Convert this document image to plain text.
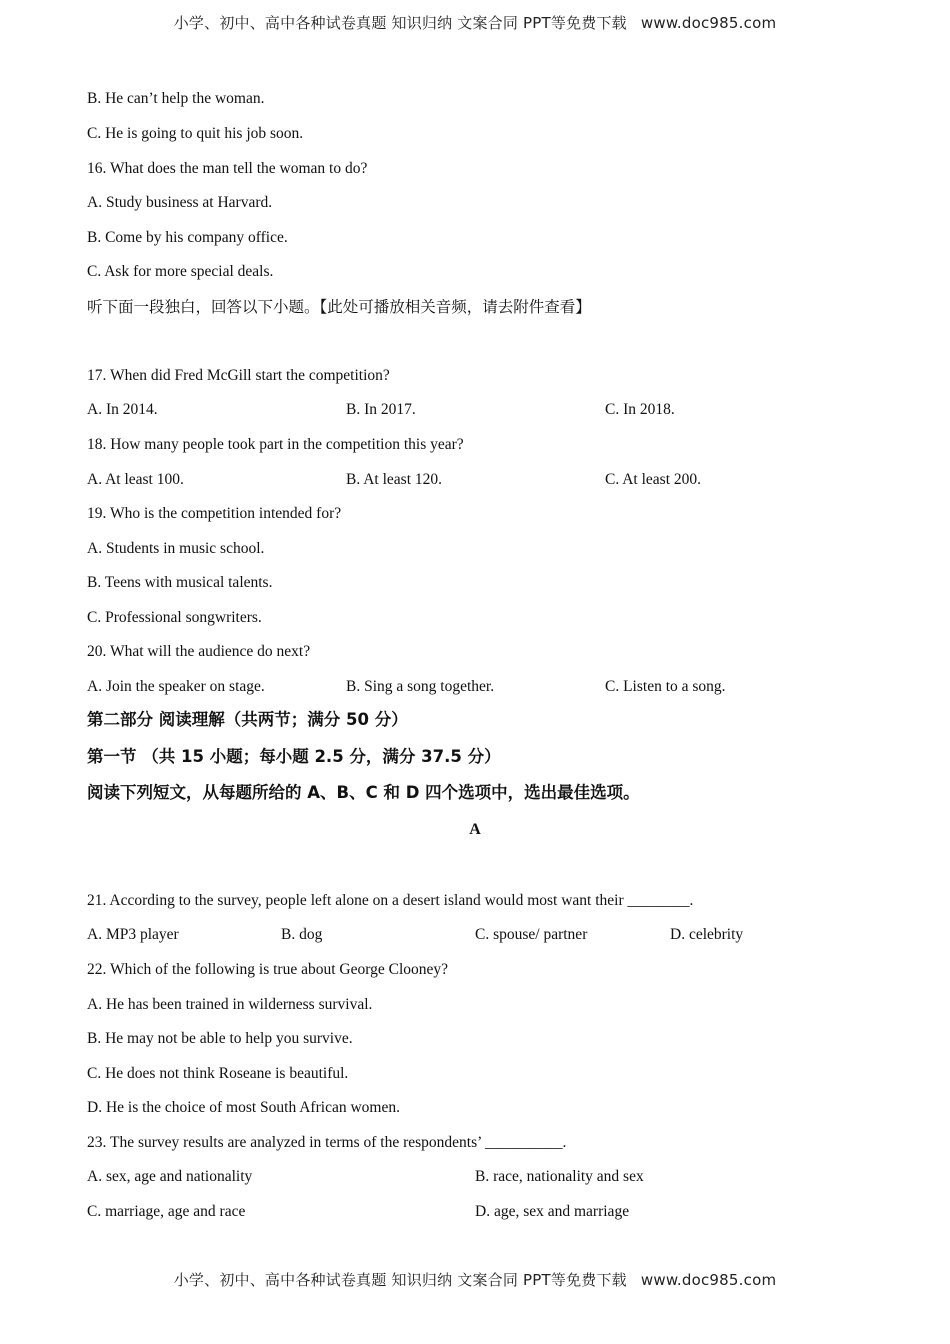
小学、初中、高中各种试卷真题 知识归纳 文案合同 PPT等免费下载 www.doc985.com
B. He can’t help the woman.
C. He is going to quit his job soon.
16. What does the man tell the woman to do?
A. Study business at Harvard.
B. Come by his company office.
C. Ask for more special deals.
听下面一段独白，回答以下小题。【此处可播放相关音频，请去附件查看】
17. When did Fred McGill start the competition?
A. In 2014.	B. In 2017.	C. In 2018.
18. How many people took part in the competition this year?
A. At least 100.	B. At least 120.	C. At least 200.
19. Who is the competition intended for?
A. Students in music school.
B. Teens with musical talents.
C. Professional songwriters.
20. What will the audience do next?
A. Join the speaker on stage.	B. Sing a song together.	C. Listen to a song.
第二部分 阅读理解（共两节；满分 50 分）
第一节 （共 15 小题；每小题 2.5 分，满分 37.5 分）
阅读下列短文，从每题所给的 A、B、C 和 D 四个选项中，选出最佳选项。
A
21. According to the survey, people left alone on a desert island would most want their ________.
A. MP3 player	B. dog	C. spouse/ partner	D. celebrity
22. Which of the following is true about George Clooney?
A. He has been trained in wilderness survival.
B. He may not be able to help you survive.
C. He does not think Roseane is beautiful.
D. He is the choice of most South African women.
23. The survey results are analyzed in terms of the respondents’ __________.
A. sex, age and nationality	B. race, nationality and sex
C. marriage, age and race	D. age, sex and marriage
小学、初中、高中各种试卷真题 知识归纳 文案合同 PPT等免费下载 www.doc985.com
